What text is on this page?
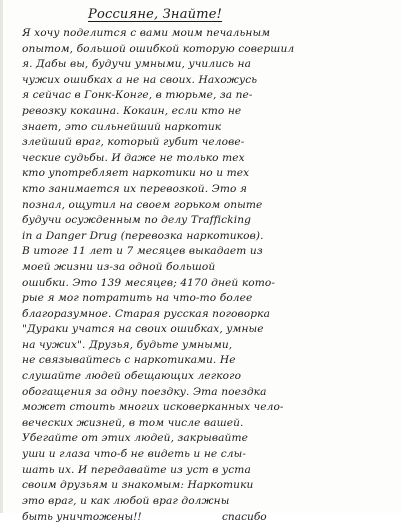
Россияне, Знайте!
Я хочу поделится с вами моим печальным
опытом, большой ошибкой которую совершил
я. Дабы вы, будучи умными, учились на
чужих ошибках а не на своих. Нахожусь
я сейчас в Гонк-Конге, в тюрьме, за пе-
ревозку кокаина. Кокаин, если кто не
знает, это сильнейший наркотик
злейший враг, который губит челове-
ческие судьбы. И даже не только тех
кто употребляет наркотики но и тех
кто занимается их перевозкой. Это я
познал, ощутил на своем горьком опыте
будучи осужденным по делу Trafficking
in a Danger Drug (перевозка наркотиков).
В итоге 11 лет и 7 месяцев выкадает из
моей жизни из-за одной большой
ошибки. Это 139 месяцев; 4170 дней кото-
рые я мог потратить на что-то более
благоразумное. Старая русская поговорка
"Дураки учатся на своих ошибках, умные
на чужих". Друзья, будьте умными,
не связывайтесь с наркотиками. Не
слушайте людей обещающих легкого
обогащения за одну поездку. Эта поездка
может стоить многих исковерканных чело-
веческих жизней, в том числе вашей.
Убегайте от этих людей, закрывайте
уши и глаза что-б не видеть и не слы-
шать их. И передавайте из уст в уста
своим друзьям и знакомым: Наркотики
это враг, и как любой враг должны
быть уничтожены!!	спасибо
